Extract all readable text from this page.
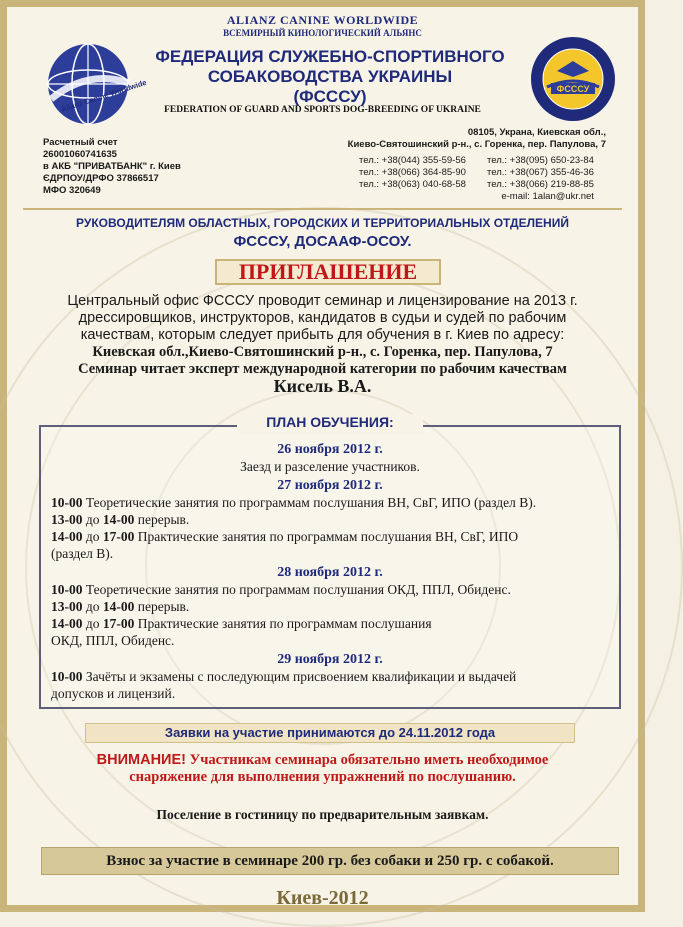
ALIANZ CANINE WORLDWIDE
ВСЕМИРНЫЙ КИНОЛОГИЧЕСКИЙ АЛЬЯНС
Alianz Canine Worldwide
ФЕДЕРАЦИЯ СЛУЖЕБНО-СПОРТИВНОГО
СОБАКОВОДСТВА УКРАИНЫ
(ФСССУ)	ФСССУ
FEDERATION OF GUARD AND SPORTS DOG-BREEDING OF UKRAINE
Расчетный счет
26001060741635
в АКБ "ПРИВАТБАНК" г. Киев
ЄДРПОУ/ДРФО 37866517
МФО 320649
08105, Украна, Киевская обл.,
Киево-Святошинский р-н., с. Горенка, пер. Папулова, 7
тел.: +38(044) 355-59-56
тел.: +38(066) 364-85-90
тел.: +38(063) 040-68-58
тел.: +38(095) 650-23-84
тел.: +38(067) 355-46-36
тел.: +38(066) 219-88-85
e-mail: 1alan@ukr.net
РУКОВОДИТЕЛЯМ ОБЛАСТНЫХ, ГОРОДСКИХ И ТЕРРИТОРИАЛЬНЫХ ОТДЕЛЕНИЙ
ФСССУ, ДОСААФ-ОСОУ.
ПРИГЛАШЕНИЕ
Центральный офис ФСССУ проводит семинар и лицензирование на 2013 г.
дрессировщиков, инструкторов, кандидатов в судьи и судей по рабочим
качествам, которым следует прибыть для обучения в г. Киев по адресу:
Киевская обл.,Киево-Святошинский р-н., с. Горенка, пер. Папулова, 7
Семинар читает эксперт международной категории по рабочим качествам
Кисель В.А.
26 ноября 2012 г.
Заезд и разселение участников.
27 ноября 2012 г.
10-00 Теоретические занятия по программам послушания ВН, СвГ, ИПО (раздел В).
13-00 до 14-00 перерыв.
14-00 до 17-00 Практические занятия по программам послушания ВН, СвГ, ИПО
(раздел В).
28 ноября 2012 г.
10-00 Теоретические занятия по программам послушания ОКД, ППЛ, Обиденс.
13-00 до 14-00 перерыв.
14-00 до 17-00 Практические занятия по программам послушания
ОКД, ППЛ, Обиденс.
29 ноября 2012 г.
10-00 Зачёты и экзамены с последующим присвоением квалификации и выдачей
допусков и лицензий.
ПЛАН ОБУЧЕНИЯ:
Заявки на участие принимаются до 24.11.2012 года
ВНИМАНИЕ! Участникам семинара обязательно иметь необходимое
снаряжение для выполнения упражнений по послушанию.
Поселение в гостиницу по предварительным заявкам.
Взнос за участие в семинаре 200 гр. без собаки и 250 гр. с собакой.
Киев-2012
